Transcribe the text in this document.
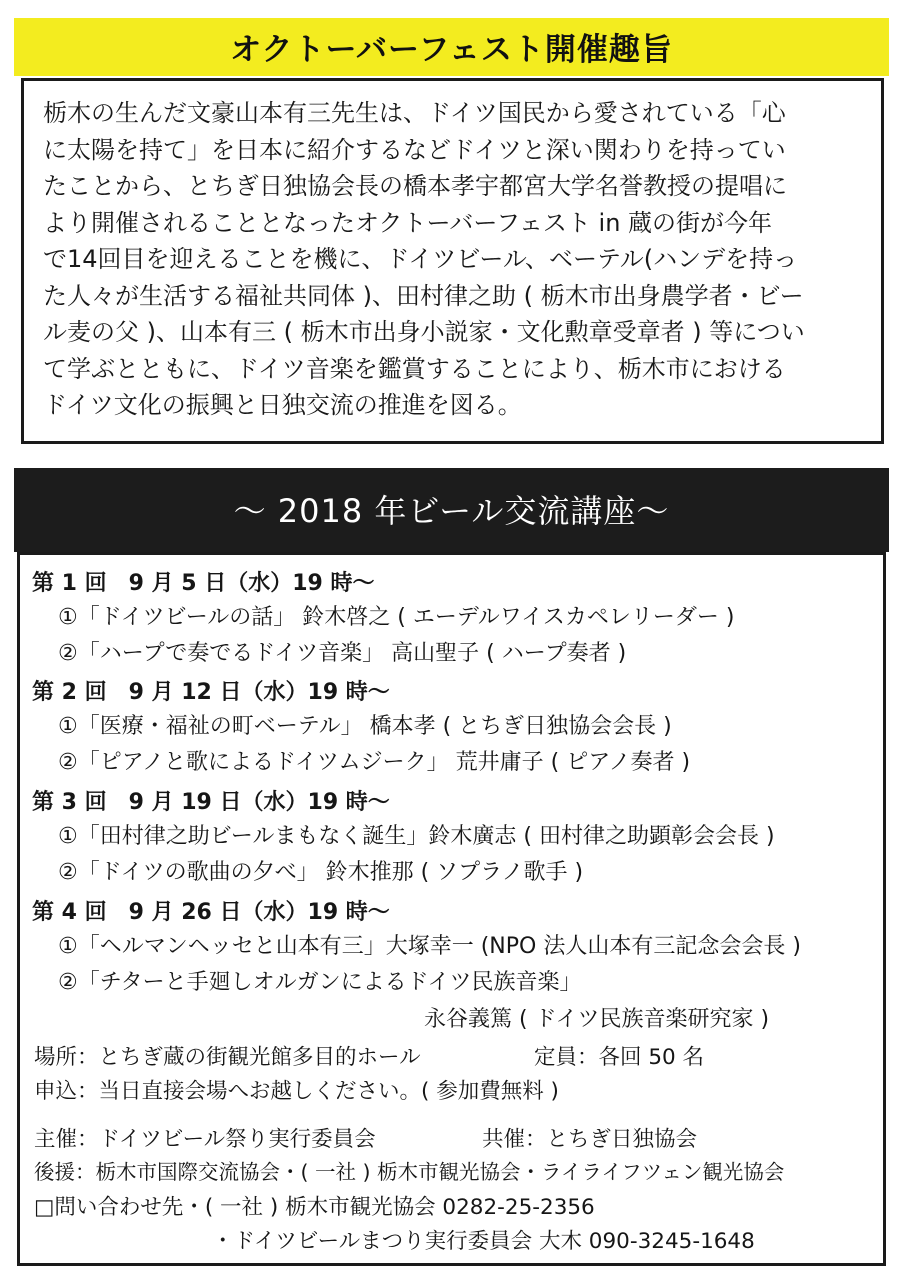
オクトーバーフェスト開催趣旨
栃木の生んだ文豪山本有三先生は、ドイツ国民から愛されている「心
に太陽を持て」を日本に紹介するなどドイツと深い関わりを持ってい
たことから、とちぎ日独協会長の橋本孝宇都宮大学名誉教授の提唱に
より開催されることとなったオクトーバーフェスト in 蔵の街が今年
で14回目を迎えることを機に、ドイツビール、ベーテル(ハンデを持っ
た人々が生活する福祉共同体 )、田村律之助 ( 栃木市出身農学者・ビー
ル麦の父 )、山本有三 ( 栃木市出身小説家・文化勲章受章者 ) 等につい
て学ぶとともに、ドイツ音楽を鑑賞することにより、栃木市における
ドイツ文化の振興と日独交流の推進を図る。
～ 2018 年ビール交流講座～
第 1 回　9 月 5 日（水）19 時～
①「ドイツビールの話」 鈴木啓之 ( エーデルワイスカペレリーダー )
②「ハープで奏でるドイツ音楽」 高山聖子 ( ハープ奏者 )
第 2 回　9 月 12 日（水）19 時～
①「医療・福祉の町ベーテル」 橋本孝 ( とちぎ日独協会会長 )
②「ピアノと歌によるドイツムジーク」 荒井庸子 ( ピアノ奏者 )
第 3 回　9 月 19 日（水）19 時～
①「田村律之助ビールまもなく誕生」鈴木廣志 ( 田村律之助顕彰会会長 )
②「ドイツの歌曲の夕べ」 鈴木推那 ( ソプラノ歌手 )
第 4 回　9 月 26 日（水）19 時～
①「ヘルマンヘッセと山本有三」大塚幸一 (NPO 法人山本有三記念会会長 )
②「チターと手廻しオルガンによるドイツ民族音楽」
永谷義篤 ( ドイツ民族音楽研究家 )
場所：とちぎ蔵の街観光館多目的ホール	定員：各回 50 名
申込：当日直接会場へお越しください。( 参加費無料 )
主催：ドイツビール祭り実行委員会	共催：とちぎ日独協会
後援：栃木市国際交流協会・( 一社 ) 栃木市観光協会・ライライフツェン観光協会
□問い合わせ先・( 一社 ) 栃木市観光協会 0282-25-2356
・ドイツビールまつり実行委員会 大木 090-3245-1648
